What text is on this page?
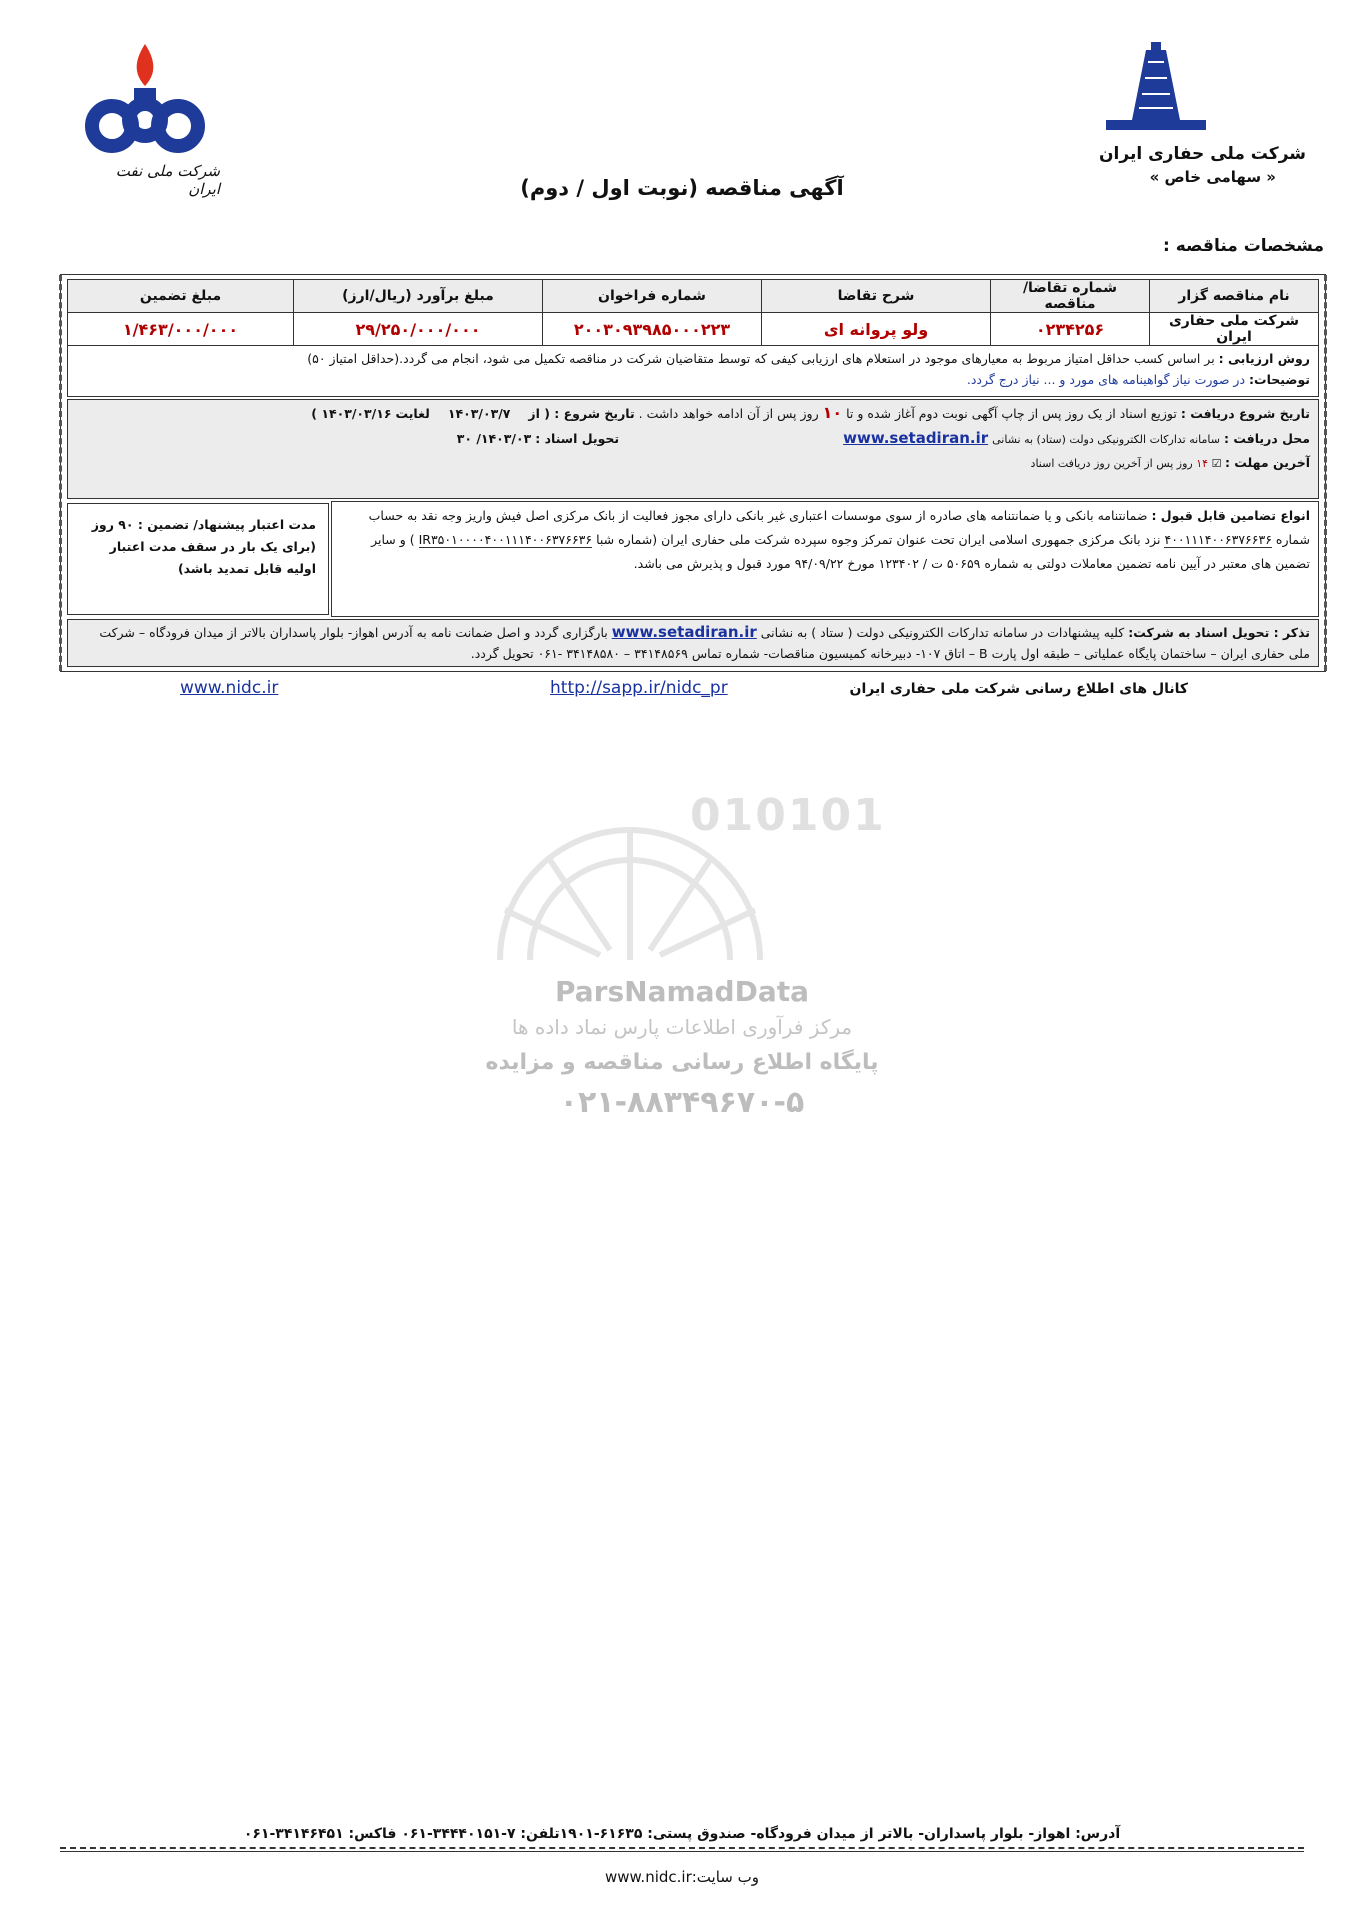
شرکت ملی حفاری ایران
« سهامی خاص »
شرکت ملی نفت ایران	آگهی مناقصه (نوبت اول / دوم)
مشخصات مناقصه :
نام مناقصه گزار	شماره تقاضا/ مناقصه	شرح تقاضا	شماره فراخوان	مبلغ برآورد (ریال/ارز)	مبلغ تضمین
شرکت ملی حفاری ایران	۰۲۳۴۲۵۶	ولو پروانه ای	۲۰۰۳۰۹۳۹۸۵۰۰۰۲۲۳	۲۹/۲۵۰/۰۰۰/۰۰۰	۱/۴۶۳/۰۰۰/۰۰۰
روش ارزیابی : بر اساس کسب حداقل امتیاز مربوط به معیارهای موجود در استعلام های ارزیابی کیفی که توسط متقاضیان شرکت در مناقصه تکمیل می شود، انجام می گردد.(حداقل امتیاز ۵۰)
توضیحات: در صورت نیاز گواهینامه های مورد و ... نیاز درج گردد.
تاریخ شروع دریافت : توزیع اسناد از یک روز پس از چاپ آگهی نوبت دوم آغاز شده و تا ۱۰ روز پس از آن ادامه خواهد داشت . تاریخ شروع : ( از ۱۴۰۳/۰۳/۷ لغایت ۱۴۰۳/۰۳/۱۶ )
محل دریافت : سامانه تدارکات الکترونیکی دولت (ستاد) به نشانی www.setadiran.ir تحویل اسناد : ۱۴۰۳/۰۳/ ۳۰
آخرین مهلت : ☑ ۱۴ روز پس از آخرین روز دریافت اسناد
انواع تضامین قابل قبول : ضمانتنامه بانکی و یا ضمانتنامه های صادره از سوی موسسات اعتباری غیر بانکی دارای مجوز فعالیت از بانک مرکزی اصل فیش واریز وجه نقد به حساب شماره ۴۰۰۱۱۱۴۰۰۶۳۷۶۶۳۶ نزد بانک مرکزی جمهوری اسلامی ایران تحت عنوان تمرکز وجوه سپرده شرکت ملی حفاری ایران (شماره شبا IR۳۵۰۱۰۰۰۰۴۰۰۱۱۱۴۰۰۶۳۷۶۶۳۶ ) و سایر تضمین های معتبر در آیین نامه تضمین معاملات دولتی به شماره ۵۰۶۵۹ ت / ۱۲۳۴۰۲ مورخ ۹۴/۰۹/۲۲ مورد قبول و پذیرش می باشد.
مدت اعتبار پیشنهاد/ تضمین : ۹۰ روز (برای یک بار در سقف مدت اعتبار اولیه قابل تمدید باشد)
تذکر : تحویل اسناد به شرکت: کلیه پیشنهادات در سامانه تدارکات الکترونیکی دولت ( ستاد ) به نشانی www.setadiran.ir بارگزاری گردد و اصل ضمانت نامه به آدرس اهواز- بلوار پاسداران بالاتر از میدان فرودگاه – شرکت ملی حفاری ایران – ساختمان پایگاه عملیاتی – طبقه اول پارت B – اتاق ۱۰۷- دبیرخانه کمیسیون مناقصات- شماره تماس ۳۴۱۴۸۵۶۹ – ۳۴۱۴۸۵۸۰ -۰۶۱ تحویل گردد.
کانال های اطلاع رسانی شرکت ملی حفاری ایران
http://sapp.ir/nidc_pr
www.nidc.ir
010101
ParsNamadData
مرکز فرآوری اطلاعات پارس نماد داده ها
پایگاه اطلاع رسانی مناقصه و مزایده
۰۲۱-۸۸۳۴۹۶۷۰-۵
آدرس: اهواز- بلوار پاسداران- بالاتر از میدان فرودگاه- صندوق پستی: ۶۱۶۳۵-۱۹۰۱تلفن: ۷-۳۴۴۴۰۱۵۱-۰۶۱ فاکس: ۳۴۱۴۶۴۵۱-۰۶۱
وب سایت:www.nidc.ir
